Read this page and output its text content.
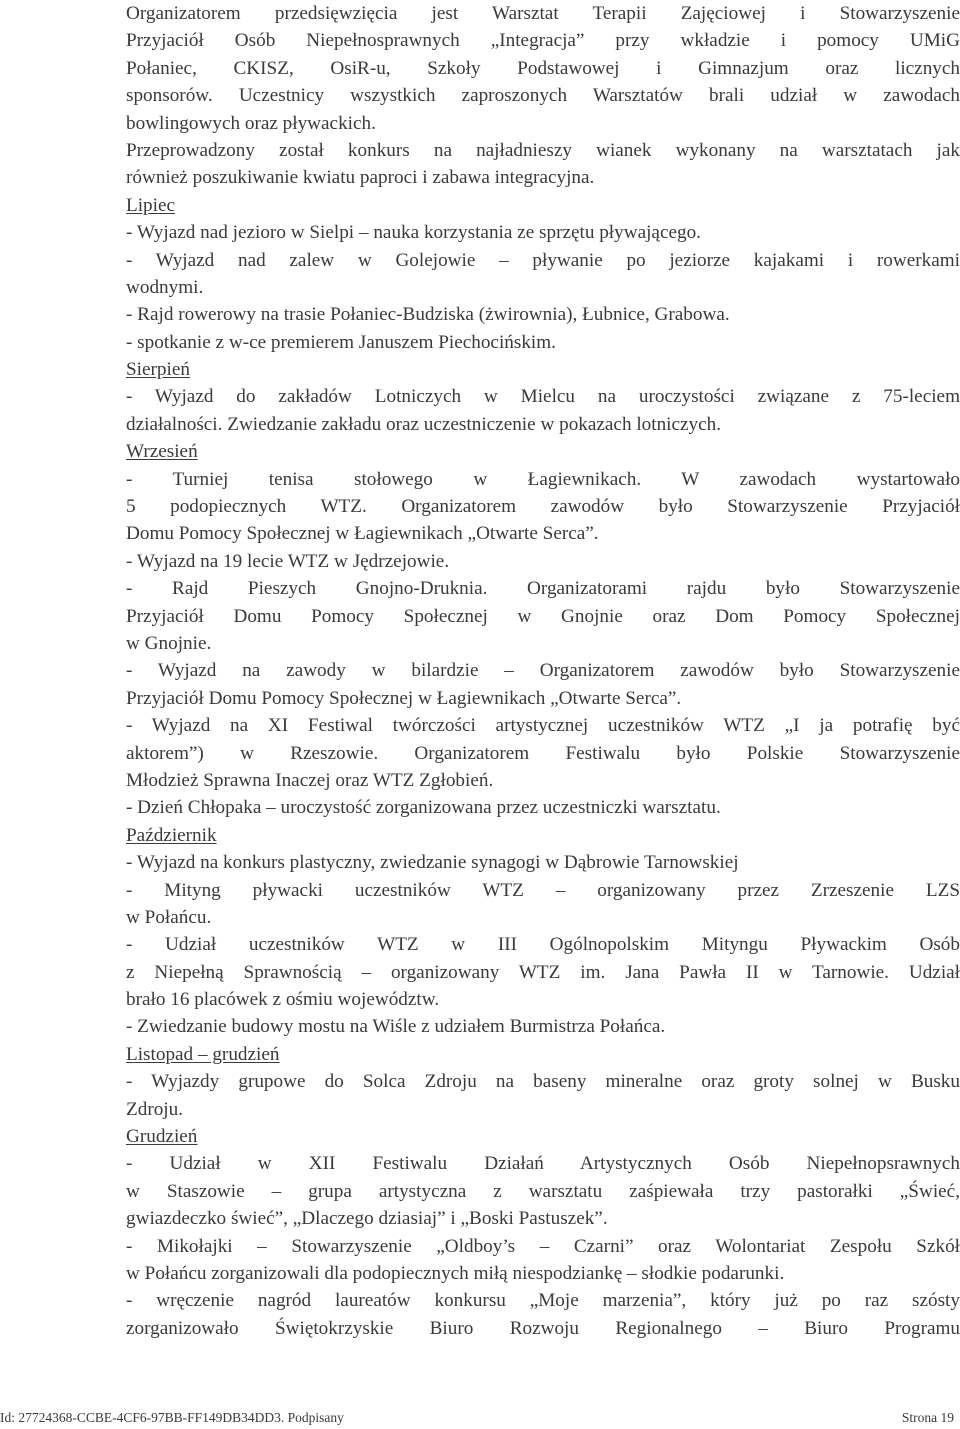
Organizatorem przedsięwzięcia jest Warsztat Terapii Zajęciowej i Stowarzyszenie
Przyjaciół Osób Niepełnosprawnych „Integracja” przy wkładzie i pomocy UMiG
Połaniec, CKISZ, OsiR-u, Szkoły Podstawowej i Gimnazjum oraz licznych
sponsorów. Uczestnicy wszystkich zaproszonych Warsztatów brali udział w zawodach
bowlingowych oraz pływackich.
Przeprowadzony został konkurs na najładnieszy wianek wykonany na warsztatach jak
również poszukiwanie kwiatu paproci i zabawa integracyjna.
Lipiec
- Wyjazd nad jezioro w Sielpi – nauka korzystania ze sprzętu pływającego.
- Wyjazd nad zalew w Golejowie – pływanie po jeziorze kajakami i rowerkami
wodnymi.
- Rajd rowerowy na trasie Połaniec-Budziska (żwirownia), Łubnice, Grabowa.
- spotkanie z w-ce premierem Januszem Piechocińskim.
Sierpień
- Wyjazd do zakładów Lotniczych w Mielcu na uroczystości związane z 75-leciem
działalności. Zwiedzanie zakładu oraz uczestniczenie w pokazach lotniczych.
Wrzesień
- Turniej tenisa stołowego w Łagiewnikach. W zawodach wystartowało
5 podopiecznych WTZ. Organizatorem zawodów było Stowarzyszenie Przyjaciół
Domu Pomocy Społecznej w Łagiewnikach „Otwarte Serca”.
- Wyjazd na 19 lecie WTZ w Jędrzejowie.
- Rajd Pieszych Gnojno-Druknia. Organizatorami rajdu było Stowarzyszenie
Przyjaciół Domu Pomocy Społecznej w Gnojnie oraz Dom Pomocy Społecznej
w Gnojnie.
- Wyjazd na zawody w bilardzie – Organizatorem zawodów było Stowarzyszenie
Przyjaciół Domu Pomocy Społecznej w Łagiewnikach „Otwarte Serca”.
- Wyjazd na XI Festiwal twórczości artystycznej uczestników WTZ „I ja potrafię być
aktorem”) w Rzeszowie. Organizatorem Festiwalu było Polskie Stowarzyszenie
Młodzież Sprawna Inaczej oraz WTZ Zgłobień.
- Dzień Chłopaka – uroczystość zorganizowana przez uczestniczki warsztatu.
Październik
- Wyjazd na konkurs plastyczny, zwiedzanie synagogi w Dąbrowie Tarnowskiej
- Mityng pływacki uczestników WTZ – organizowany przez Zrzeszenie LZS
w Połańcu.
- Udział uczestników WTZ w III Ogólnopolskim Mityngu Pływackim Osób
z Niepełną Sprawnością – organizowany WTZ im. Jana Pawła II w Tarnowie. Udział
brało 16 placówek z ośmiu województw.
- Zwiedzanie budowy mostu na Wiśle z udziałem Burmistrza Połańca.
Listopad – grudzień
- Wyjazdy grupowe do Solca Zdroju na baseny mineralne oraz groty solnej w Busku
Zdroju.
Grudzień
- Udział w XII Festiwalu Działań Artystycznych Osób Niepełnopsrawnych
w Staszowie – grupa artystyczna z warsztatu zaśpiewała trzy pastorałki „Świeć,
gwiazdeczko świeć”, „Dlaczego dziasiaj” i „Boski Pastuszek”.
- Mikołajki – Stowarzyszenie „Oldboy’s – Czarni” oraz Wolontariat Zespołu Szkół
w Połańcu zorganizowali dla podopiecznych miłą niespodziankę – słodkie podarunki.
- wręczenie nagród laureatów konkursu „Moje marzenia”, który już po raz szósty
zorganizowało Świętokrzyskie Biuro Rozwoju Regionalnego – Biuro Programu
Id: 27724368-CCBE-4CF6-97BB-FF149DB34DD3. Podpisany	Strona 19
